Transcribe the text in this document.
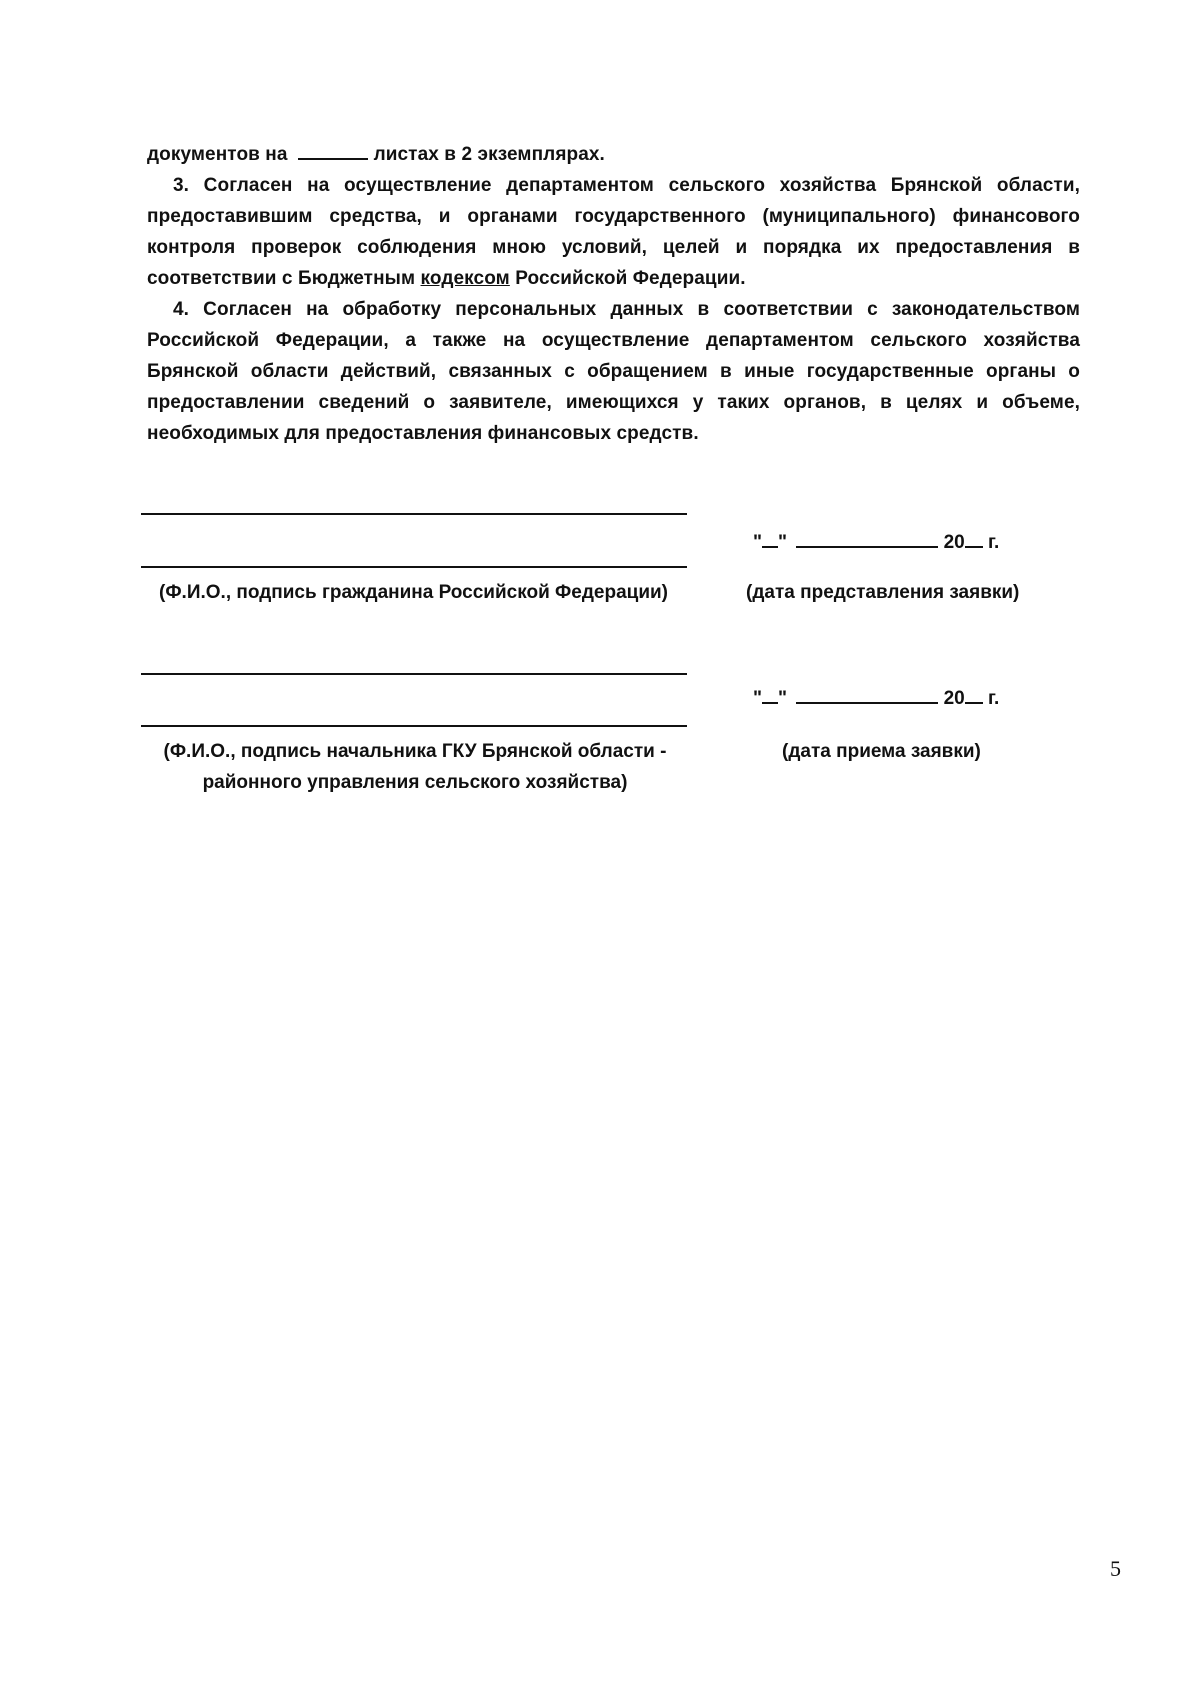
документов на	листах в 2 экземплярах.

3. Согласен на осуществление департаментом сельского хозяйства Брянской области, предоставившим средства, и органами государственного (муниципального) финансового контроля проверок соблюдения мною условий, целей и порядка их предоставления в соответствии с Бюджетным кодексом Российской Федерации.

4. Согласен на обработку персональных данных в соответствии с законодательством Российской Федерации, а также на осуществление департаментом сельского хозяйства Брянской области действий, связанных с обращением в иные государственные органы о предоставлении сведений о заявителе, имеющихся у таких органов, в целях и объеме, необходимых для предоставления финансовых средств.

" "	20 г.
(Ф.И.О., подпись гражданина Российской Федерации)	(дата представления заявки)
" "	20 г.
(Ф.И.О., подпись начальника ГКУ Брянской области -
районного управления сельского хозяйства)
(дата приема заявки)
5
